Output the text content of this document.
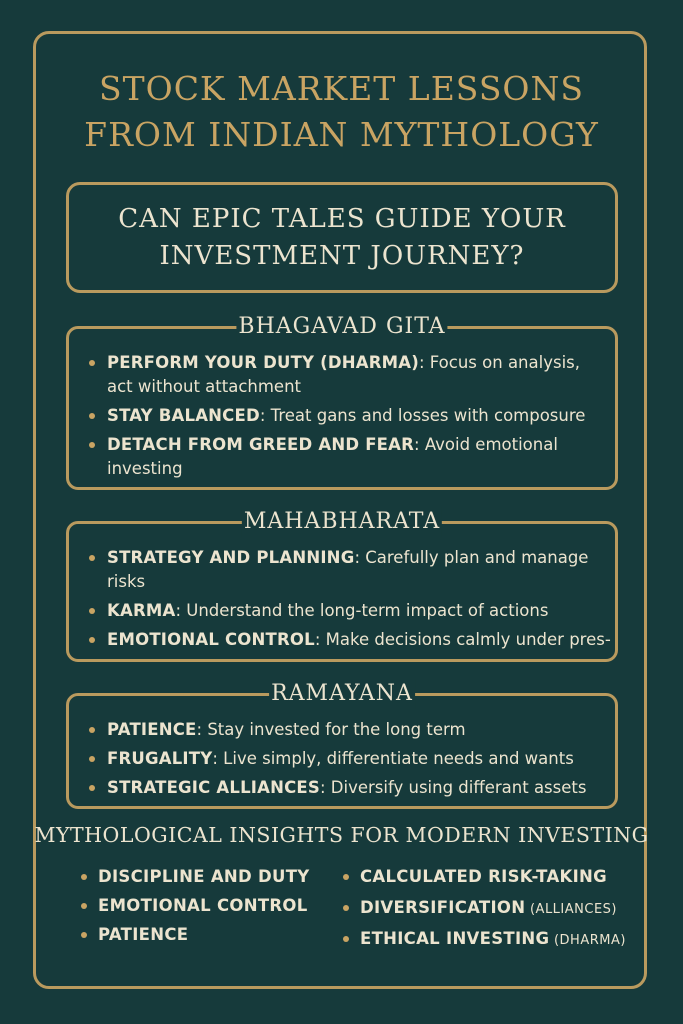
STOCK MARKET LESSONS
FROM INDIAN MYTHOLOGY

CAN EPIC TALES GUIDE YOUR
INVESTMENT JOURNEY?

BHAGAVAD GITA
PERFORM YOUR DUTY (DHARMA): Focus on analysis, act without attachment
STAY BALANCED: Treat gans and losses with composure
DETACH FROM GREED AND FEAR: Avoid emotional investing
MAHABHARATA
STRATEGY AND PLANNING: Carefully plan and manage risks
KARMA: Understand the long-term impact of actions
EMOTIONAL CONTROL: Make decisions calmly under pres-
RAMAYANA
PATIENCE: Stay invested for the long term
FRUGALITY: Live simply, differentiate needs and wants
STRATEGIC ALLIANCES: Diversify using differant assets
MYTHOLOGICAL INSIGHTS FOR MODERN INVESTING
DISCIPLINE AND DUTY
EMOTIONAL CONTROL
PATIENCE
CALCULATED RISK-TAKING
DIVERSIFICATION (ALLIANCES)
ETHICAL INVESTING (DHARMA)
